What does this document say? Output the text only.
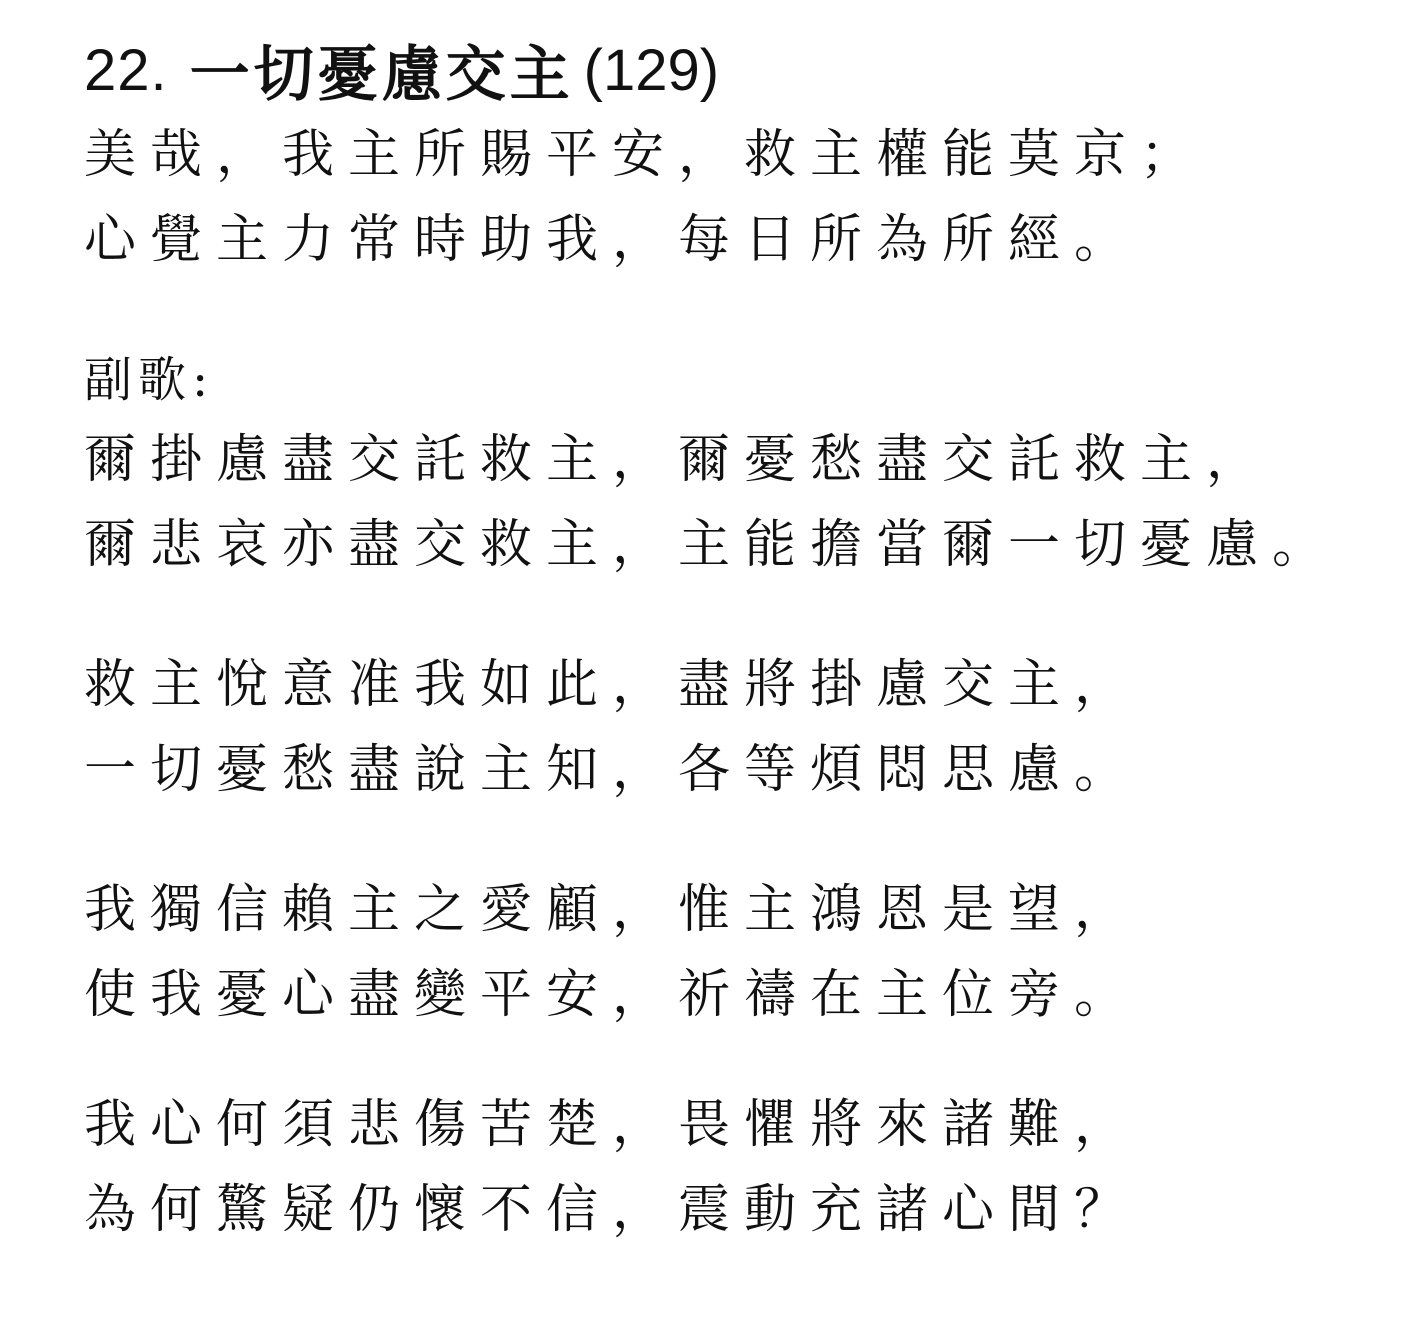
22. 一切憂慮交主 (129)
美哉，我主所賜平安，救主權能莫京；
心覺主力常時助我，每日所為所經。
副歌:
爾掛慮盡交託救主，爾憂愁盡交託救主，
爾悲哀亦盡交救主，主能擔當爾一切憂慮。
救主悅意准我如此，盡將掛慮交主，
一切憂愁盡說主知，各等煩悶思慮。
我獨信賴主之愛顧，惟主鴻恩是望，
使我憂心盡變平安，祈禱在主位旁。
我心何須悲傷苦楚，畏懼將來諸難，
為何驚疑仍懷不信，震動充諸心間？
